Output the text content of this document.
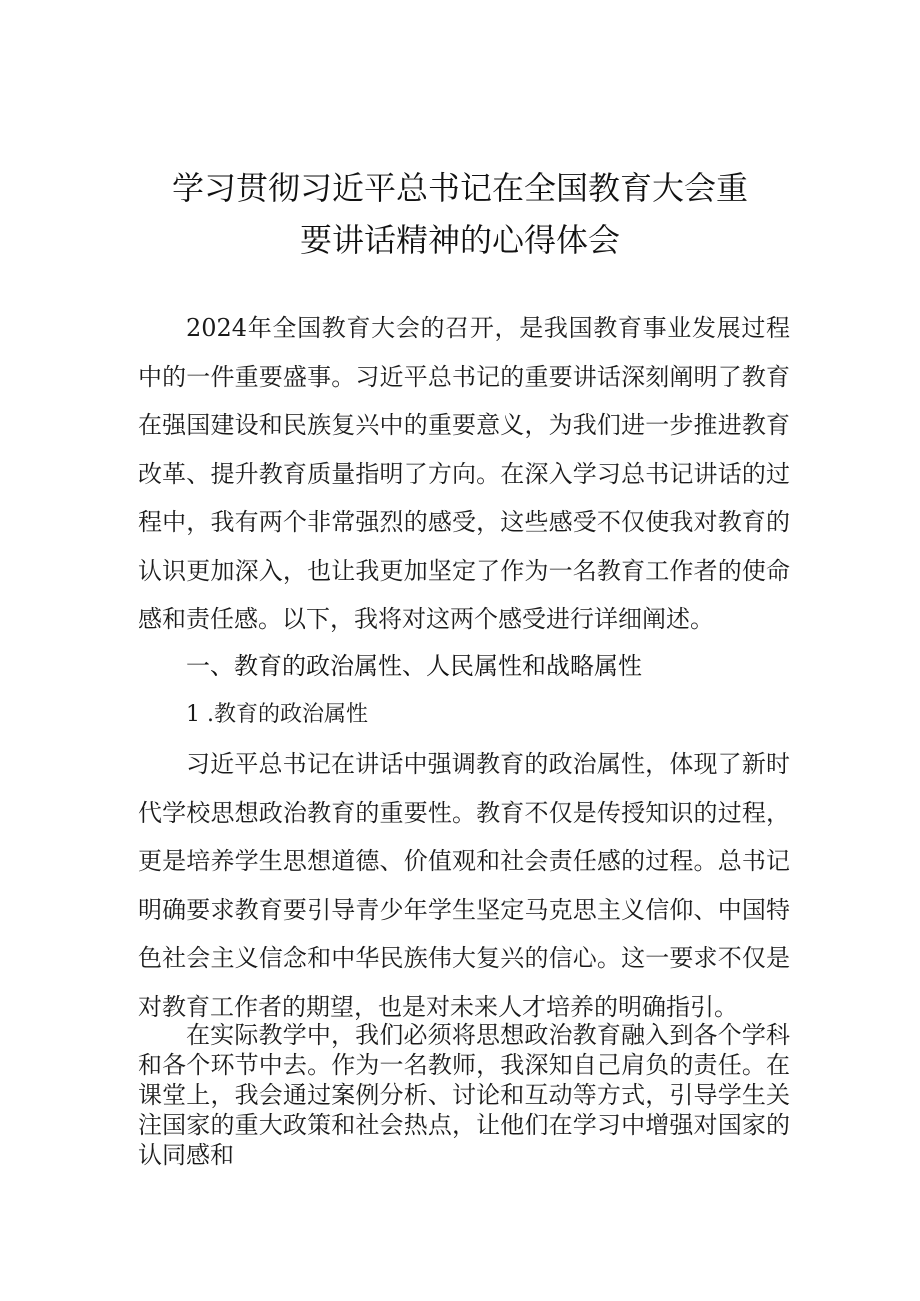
学习贯彻习近平总书记在全国教育大会重
要讲话精神的心得体会

2024年全国教育大会的召开，是我国教育事业发展过程中的一件重要盛事。习近平总书记的重要讲话深刻阐明了教育在强国建设和民族复兴中的重要意义，为我们进一步推进教育改革、提升教育质量指明了方向。在深入学习总书记讲话的过程中，我有两个非常强烈的感受，这些感受不仅使我对教育的认识更加深入，也让我更加坚定了作为一名教育工作者的使命感和责任感。以下，我将对这两个感受进行详细阐述。

一、教育的政治属性、人民属性和战略属性
1 .教育的政治属性

习近平总书记在讲话中强调教育的政治属性，体现了新时代学校思想政治教育的重要性。教育不仅是传授知识的过程，更是培养学生思想道德、价值观和社会责任感的过程。总书记明确要求教育要引导青少年学生坚定马克思主义信仰、中国特色社会主义信念和中华民族伟大复兴的信心。这一要求不仅是对教育工作者的期望，也是对未来人才培养的明确指引。

在实际教学中，我们必须将思想政治教育融入到各个学科和各个环节中去。作为一名教师，我深知自己肩负的责任。在课堂上，我会通过案例分析、讨论和互动等方式，引导学生关注国家的重大政策和社会热点，让他们在学习中增强对国家的认同感和
